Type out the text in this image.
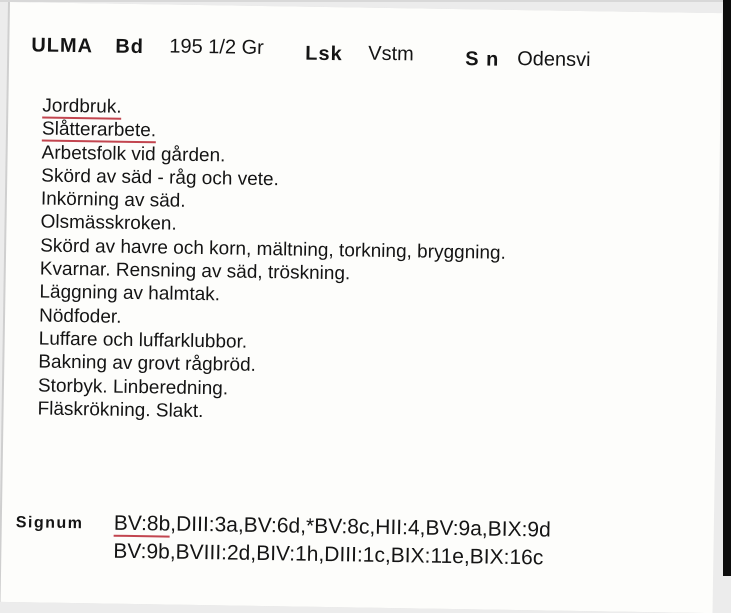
ULMA Bd 195 1/2 Gr Lsk Vstm	S n Odensvi
Jordbruk.
Slåtterarbete.
Arbetsfolk vid gården.
Skörd av säd - råg och vete.
Inkörning av säd.
Olsmässkroken.
Skörd av havre och korn, mältning, torkning, bryggning.
Kvarnar. Rensning av säd, tröskning.
Läggning av halmtak.
Nödfoder.
Luffare och luffarklubbor.
Bakning av grovt rågbröd.
Storbyk. Linberedning.
Fläskrökning. Slakt.
Signum BV:8b,DIII:3a,BV:6d,*BV:8c,HII:4,BV:9a,BIX:9d
BV:9b,BVIII:2d,BIV:1h,DIII:1c,BIX:11e,BIX:16c
